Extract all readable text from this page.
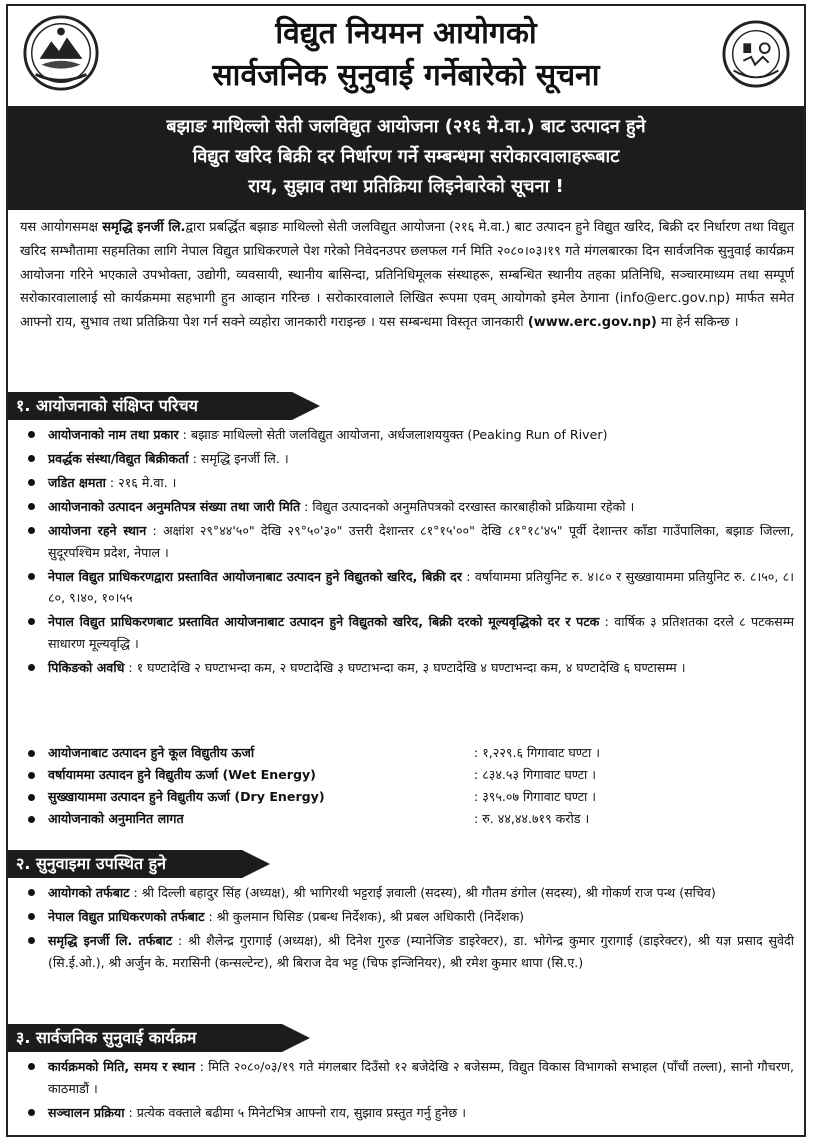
विद्युत नियमन आयोगको
सार्वजनिक सुनुवाई गर्नेबारेको सूचना
बझाङ माथिल्लो सेती जलविद्युत आयोजना (२१६ मे.वा.) बाट उत्पादन हुने
विद्युत खरिद बिक्री दर निर्धारण गर्ने सम्बन्धमा सरोकारवालाहरूबाट
राय, सुझाव तथा प्रतिक्रिया लिइनेबारेको सूचना !
यस आयोगसमक्ष समृद्धि इनर्जी लि.द्वारा प्रबर्द्धित बझाङ माथिल्लो सेती जलविद्युत आयोजना (२१६ मे.वा.) बाट उत्पादन हुने विद्युत खरिद, बिक्री दर निर्धारण तथा विद्युत खरिद सम्भौतामा सहमतिका लागि नेपाल विद्युत प्राधिकरणले पेश गरेको निवेदनउपर छलफल गर्न मिति २०८०।०३।१९ गते मंगलबारका दिन सार्वजनिक सुनुवाई कार्यक्रम आयोजना गरिने भएकाले उपभोक्ता, उद्योगी, व्यवसायी, स्थानीय बासिन्दा, प्रतिनिधिमूलक संस्थाहरू, सम्बन्धित स्थानीय तहका प्रतिनिधि, सञ्चारमाध्यम तथा सम्पूर्ण सरोकारवालालाई सो कार्यक्रममा सहभागी हुन आव्हान गरिन्छ । सरोकारवालाले लिखित रूपमा एवम् आयोगको इमेल ठेगाना (info@erc.gov.np) मार्फत समेत आफ्नो राय, सुभाव तथा प्रतिक्रिया पेश गर्न सक्ने व्यहोरा जानकारी गराइन्छ । यस सम्बन्धमा विस्तृत जानकारी (www.erc.gov.np) मा हेर्न सकिन्छ ।
१. आयोजनाको संक्षिप्त परिचय
आयोजनाको नाम तथा प्रकार : बझाङ माथिल्लो सेती जलविद्युत आयोजना, अर्धजलाशययुक्त (Peaking Run of River)
प्रवर्द्धक संस्था/विद्युत बिक्रीकर्ता : समृद्धि इनर्जी लि. ।
जडित क्षमता : २१६ मे.वा. ।
आयोजनाको उत्पादन अनुमतिपत्र संख्या तथा जारी मिति : विद्युत उत्पादनको अनुमतिपत्रको दरखास्त कारबाहीको प्रक्रियामा रहेको ।
आयोजना रहने स्थान : अक्षांश २९°४४'५०" देखि २९°५०'३०" उत्तरी देशान्तर ८१°१५'००" देखि ८१°१८'४५" पूर्वी देशान्तर काँडा गाउँपालिका, बझाङ जिल्ला, सुदूरपश्चिम प्रदेश, नेपाल ।
नेपाल विद्युत प्राधिकरणद्वारा प्रस्तावित आयोजनाबाट उत्पादन हुने विद्युतको खरिद, बिक्री दर : वर्षायाममा प्रतियुनिट रु. ४।८० र सुख्खायाममा प्रतियुनिट रु. ८।५०, ८।८०, ९।४०, १०।५५
नेपाल विद्युत प्राधिकरणबाट प्रस्तावित आयोजनाबाट उत्पादन हुने विद्युतको खरिद, बिक्री दरको मूल्यवृद्धिको दर र पटक : वार्षिक ३ प्रतिशतका दरले ८ पटकसम्म साधारण मूल्यवृद्धि ।
पिकिङको अवधि : १ घण्टादेखि २ घण्टाभन्दा कम, २ घण्टादेखि ३ घण्टाभन्दा कम, ३ घण्टादेखि ४ घण्टाभन्दा कम, ४ घण्टादेखि ६ घण्टासम्म ।
आयोजनाबाट उत्पादन हुने कूल विद्युतीय ऊर्जा	: १,२२९.६ गिगावाट घण्टा ।
वर्षायाममा उत्पादन हुने विद्युतीय ऊर्जा (Wet Energy)	: ८३४.५३ गिगावाट घण्टा ।
सुख्खायाममा उत्पादन हुने विद्युतीय ऊर्जा (Dry Energy)	: ३९५.०७ गिगावाट घण्टा ।
आयोजनाको अनुमानित लागत	: रु. ४४,४४.७१९ करोड ।
२. सुनुवाइमा उपस्थित हुने
आयोगको तर्फबाट : श्री दिल्ली बहादुर सिंह (अध्यक्ष), श्री भागिरथी भट्टराई ज्ञवाली (सदस्य), श्री गौतम डंगोल (सदस्य), श्री गोकर्ण राज पन्थ (सचिव)
नेपाल विद्युत प्राधिकरणको तर्फबाट : श्री कुलमान घिसिङ (प्रबन्ध निर्देशक), श्री प्रबल अधिकारी (निर्देशक)
समृद्धि इनर्जी लि. तर्फबाट : श्री शैलेन्द्र गुरागाई (अध्यक्ष), श्री दिनेश गुरुङ (म्यानेजिङ डाइरेक्टर), डा. भोगेन्द्र कुमार गुरागाई (डाइरेक्टर), श्री यज्ञ प्रसाद सुवेदी (सि.ई.ओ.), श्री अर्जुन के. मरासिनी (कन्सल्टेन्ट), श्री बिराज देव भट्ट (चिफ इन्जिनियर), श्री रमेश कुमार थापा (सि.ए.)
३. सार्वजनिक सुनुवाई कार्यक्रम
कार्यक्रमको मिति, समय र स्थान : मिति २०८०/०३/१९ गते मंगलबार दिउँसो १२ बजेदेखि २ बजेसम्म, विद्युत विकास विभागको सभाहल (पाँचौं तल्ला), सानो गौचरण, काठमाडौं ।
सञ्चालन प्रक्रिया : प्रत्येक वक्ताले बढीमा ५ मिनेटभित्र आफ्नो राय, सुझाव प्रस्तुत गर्नु हुनेछ ।
